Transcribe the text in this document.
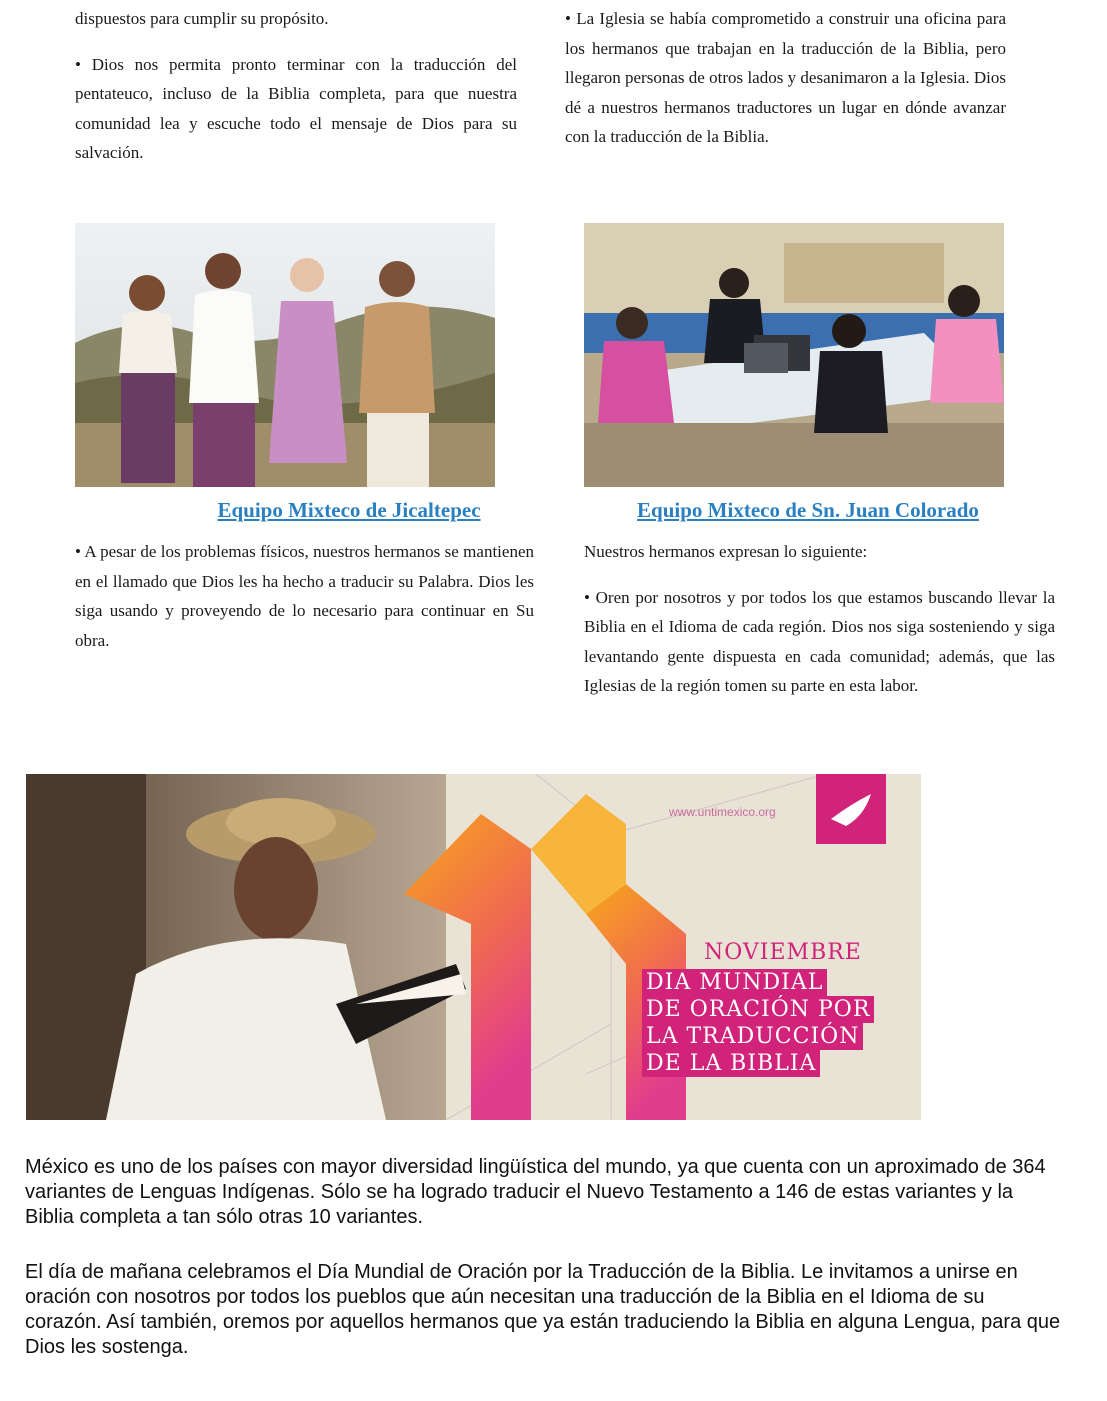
dispuestos para cumplir su propósito.

• Dios nos permita pronto terminar con la traducción del pentateuco, incluso de la Biblia completa, para que nuestra comunidad lea y escuche todo el mensaje de Dios para su salvación.

• La Iglesia se había comprometido a construir una oficina para los hermanos que trabajan en la traducción de la Biblia, pero llegaron personas de otros lados y desanimaron a la Iglesia. Dios dé a nuestros hermanos traductores un lugar en dónde avanzar con la traducción de la Biblia.

Equipo Mixteco de Jicaltepec	Equipo Mixteco de Sn. Juan Colorado

• A pesar de los problemas físicos, nuestros hermanos se mantienen en el llamado que Dios les ha hecho a traducir su Palabra. Dios les siga usando y proveyendo de lo necesario para continuar en Su obra.

Nuestros hermanos expresan lo siguiente:

• Oren por nosotros y por todos los que estamos buscando llevar la Biblia en el Idioma de cada región. Dios nos siga sosteniendo y siga levantando gente dispuesta en cada comunidad; además, que las Iglesias de la región tomen su parte en esta labor.

www.untimexico.org
NOVIEMBRE
DIA MUNDIAL
DE ORACIÓN POR
LA TRADUCCIÓN
DE LA BIBLIA
México es uno de los países con mayor diversidad lingüística del mundo, ya que cuenta con un aproximado de 364 variantes de Lenguas Indígenas. Sólo se ha logrado traducir el Nuevo Testamento a 146 de estas variantes y la Biblia completa a tan sólo otras 10 variantes.
El día de mañana celebramos el Día Mundial de Oración por la Traducción de la Biblia. Le invitamos a unirse en oración con nosotros por todos los pueblos que aún necesitan una traducción de la Biblia en el Idioma de su corazón. Así también, oremos por aquellos hermanos que ya están traduciendo la Biblia en alguna Lengua, para que Dios les sostenga.
